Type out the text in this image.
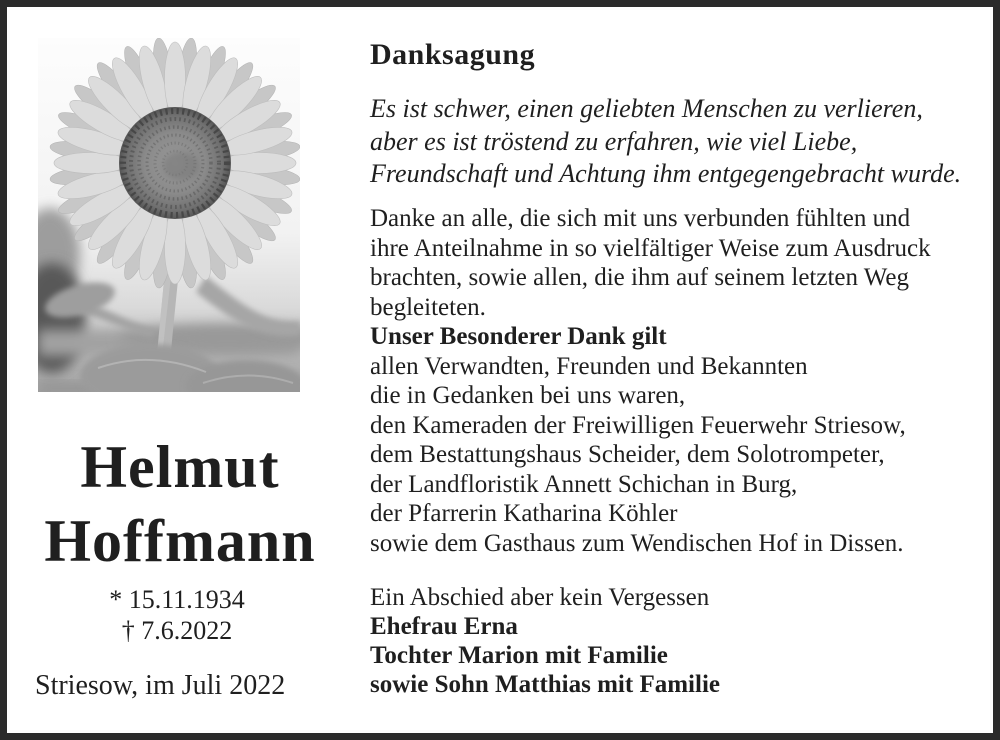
Helmut
Hoffmann
* 15.11.1934
† 7.6.2022
Striesow, im Juli 2022
Danksagung
Es ist schwer, einen geliebten Menschen zu verlieren,
aber es ist tröstend zu erfahren, wie viel Liebe,
Freundschaft und Achtung ihm entgegengebracht wurde.
Danke an alle, die sich mit uns verbunden fühlten und
ihre Anteilnahme in so vielfältiger Weise zum Ausdruck
brachten, sowie allen, die ihm auf seinem letzten Weg
begleiteten.
Unser Besonderer Dank gilt
allen Verwandten, Freunden und Bekannten
die in Gedanken bei uns waren,
den Kameraden der Freiwilligen Feuerwehr Striesow,
dem Bestattungshaus Scheider, dem Solotrompeter,
der Landfloristik Annett Schichan in Burg,
der Pfarrerin Katharina Köhler
sowie dem Gasthaus zum Wendischen Hof in Dissen.
Ein Abschied aber kein Vergessen
Ehefrau Erna
Tochter Marion mit Familie
sowie Sohn Matthias mit Familie
